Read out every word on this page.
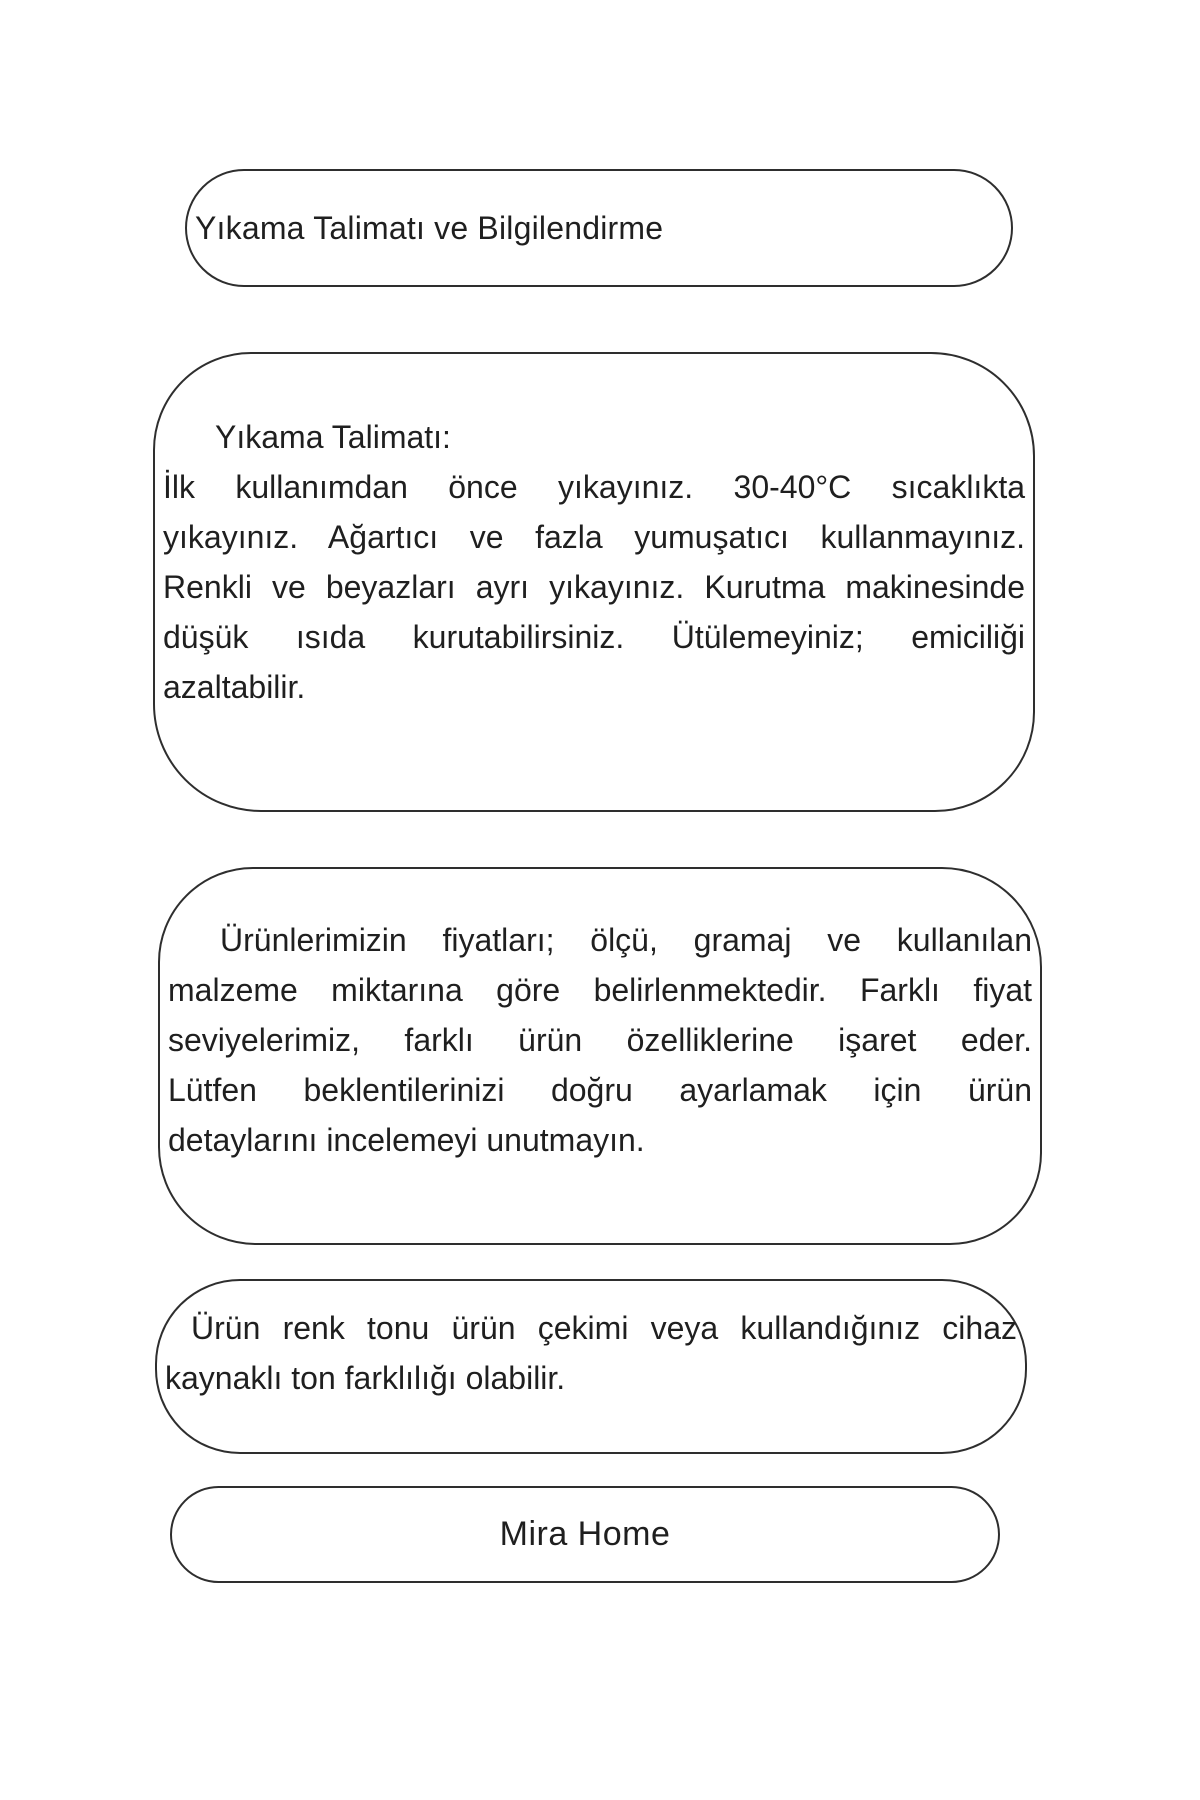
Yıkama Talimatı ve Bilgilendirme
Yıkama Talimatı:
İlk kullanımdan önce yıkayınız. 30-40°C sıcaklıkta
yıkayınız. Ağartıcı ve fazla yumuşatıcı kullanmayınız.
Renkli ve beyazları ayrı yıkayınız. Kurutma makinesinde
düşük ısıda kurutabilirsiniz. Ütülemeyiniz; emiciliği
azaltabilir.
Ürünlerimizin fiyatları; ölçü, gramaj ve kullanılan
malzeme miktarına göre belirlenmektedir. Farklı fiyat
seviyelerimiz, farklı ürün özelliklerine işaret eder.
Lütfen beklentilerinizi doğru ayarlamak için ürün
detaylarını incelemeyi unutmayın.
Ürün renk tonu ürün çekimi veya kullandığınız cihaz
kaynaklı ton farklılığı olabilir.
Mira Home
